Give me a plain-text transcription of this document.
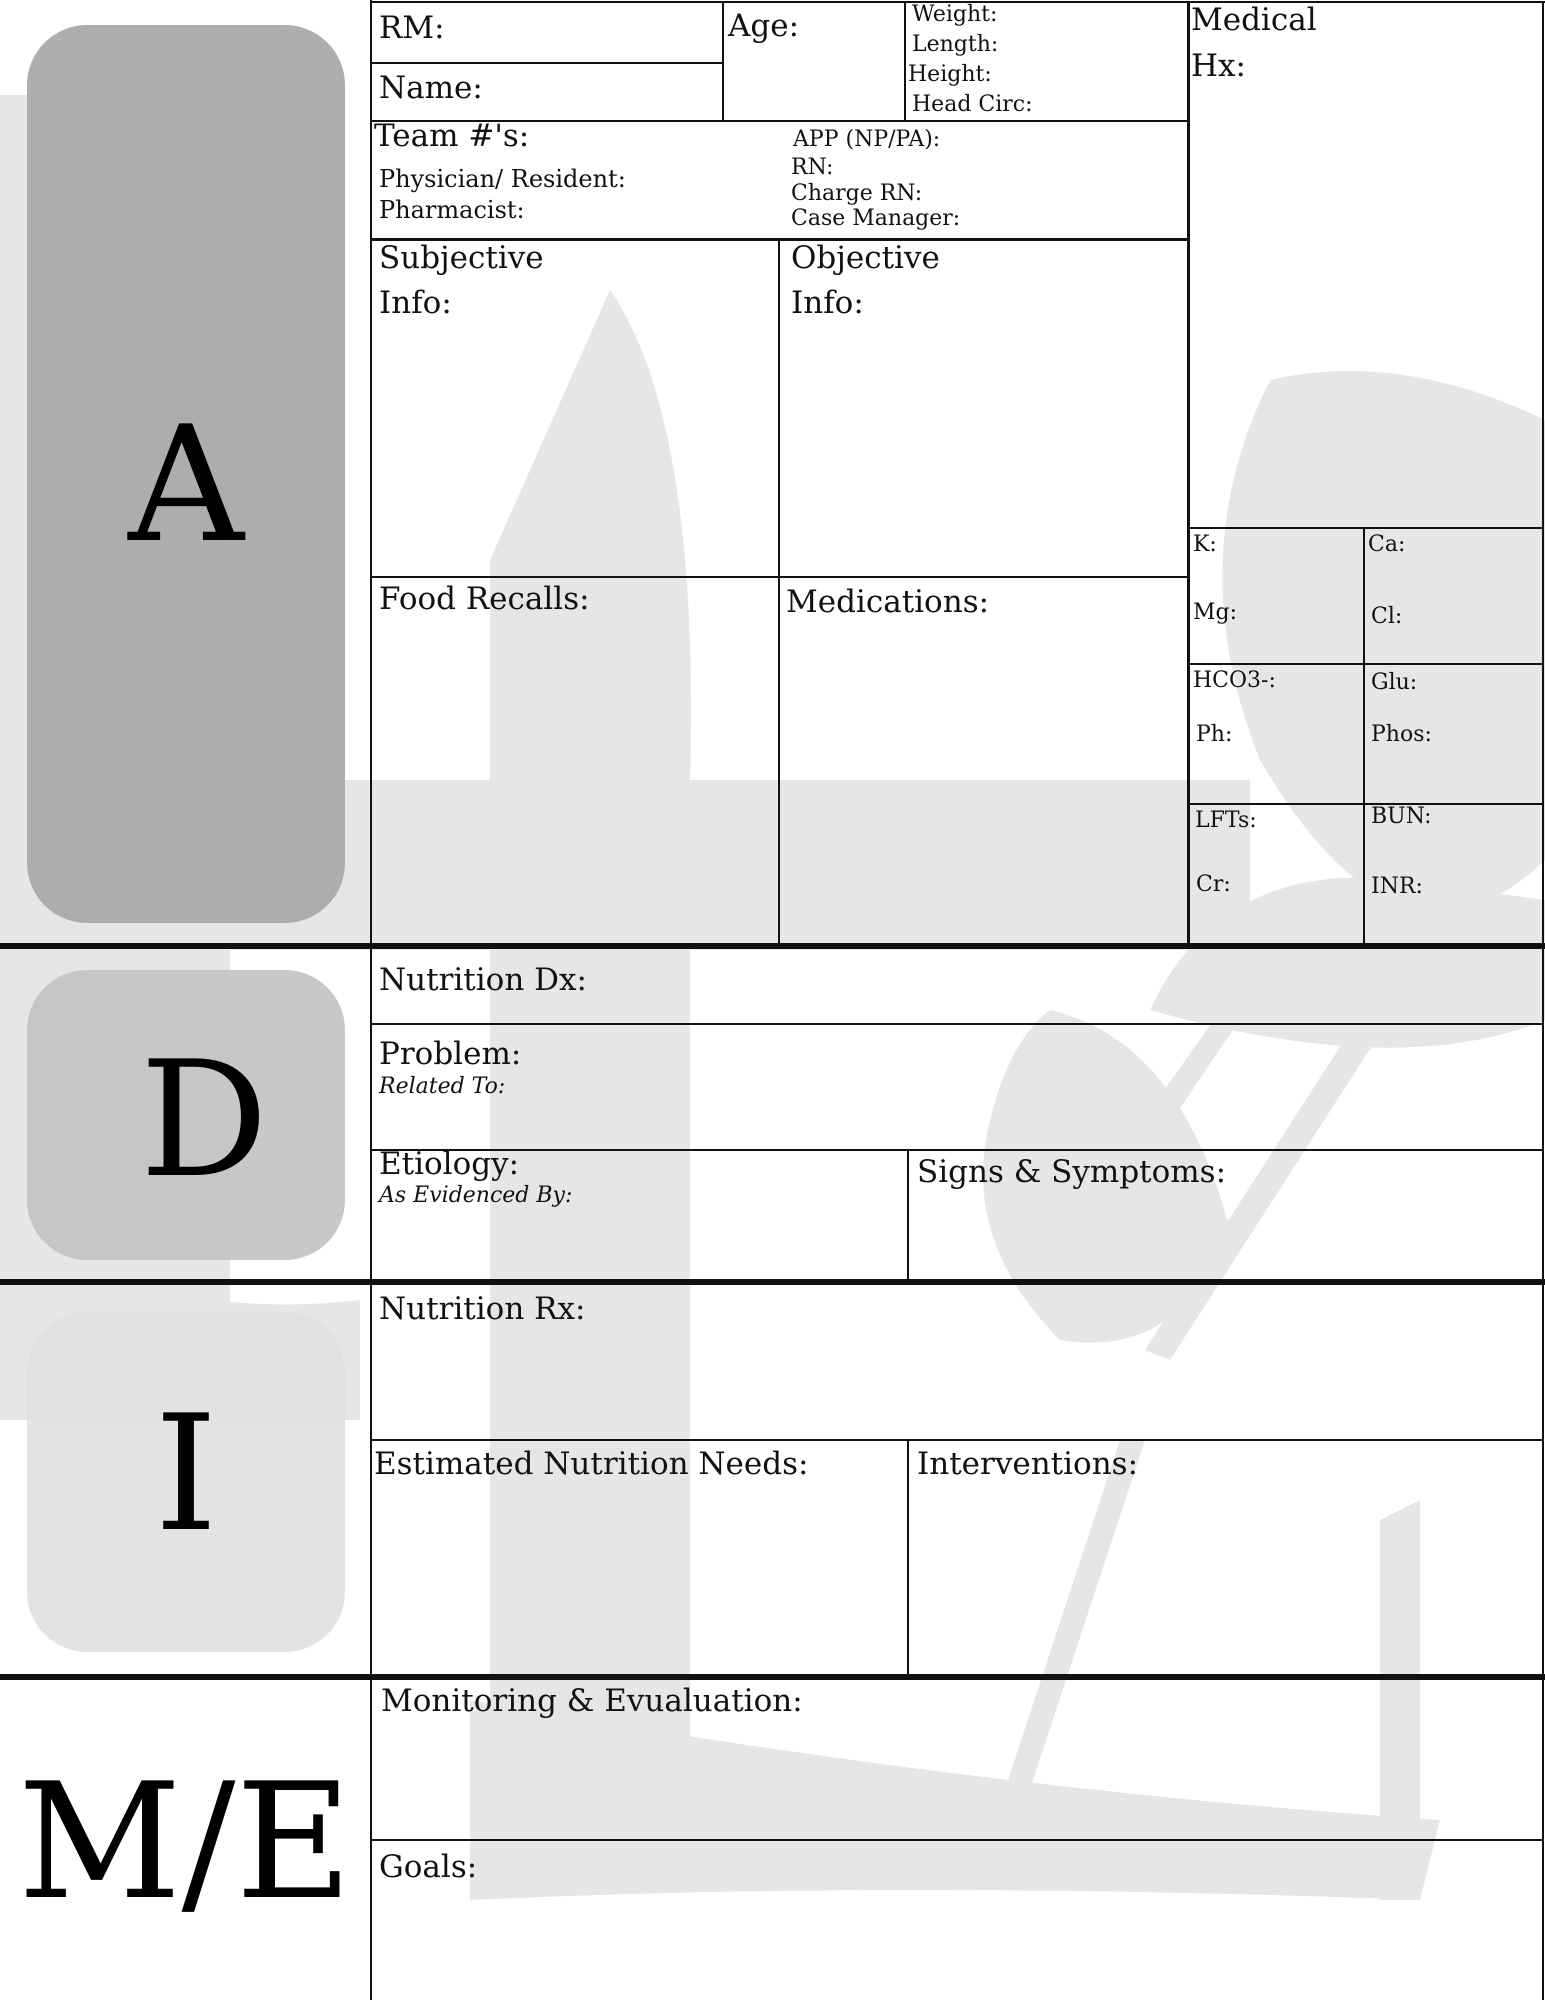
A
D
I
M/E
RM:
Name:
Age:	Weight:
Length:
Height:
Head Circ:
Medical
Hx:
Team #'s:
Physician/ Resident:
Pharmacist:
APP (NP/PA):
RN:
Charge RN:
Case Manager:
Subjective
Info:
Objective
Info:
Food Recalls:	Medications:
K:	Ca:
Mg:	Cl:
HCO3-:	Glu:
Ph:	Phos:
LFTs:	BUN:
Cr:	INR:
Nutrition Dx:
Problem:
Related To:
Etiology:
As Evidenced By:
Signs & Symptoms:
Nutrition Rx:
Estimated Nutrition Needs:	Interventions:
Monitoring & Evualuation:
Goals:
